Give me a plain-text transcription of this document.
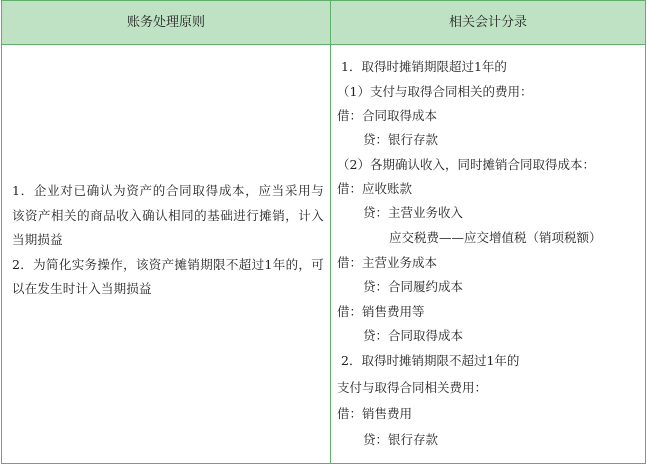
账务处理原则	相关会计分录
1．企业对已确认为资产的合同取得成本，应当采用与该资产相关的商品收入确认相同的基础进行摊销，计入当期损益
2．为简化实务操作，该资产摊销期限不超过1年的，可以在发生时计入当期损益
1．取得时摊销期限超过1年的
（1）支付与取得合同相关的费用：
借：合同取得成本
贷：银行存款
（2）各期确认收入，同时摊销合同取得成本：
借：应收账款
贷：主营业务收入
应交税费——应交增值税（销项税额）
借：主营业务成本
贷：合同履约成本
借：销售费用等
贷：合同取得成本
2．取得时摊销期限不超过1年的
支付与取得合同相关费用：
借：销售费用
贷：银行存款
